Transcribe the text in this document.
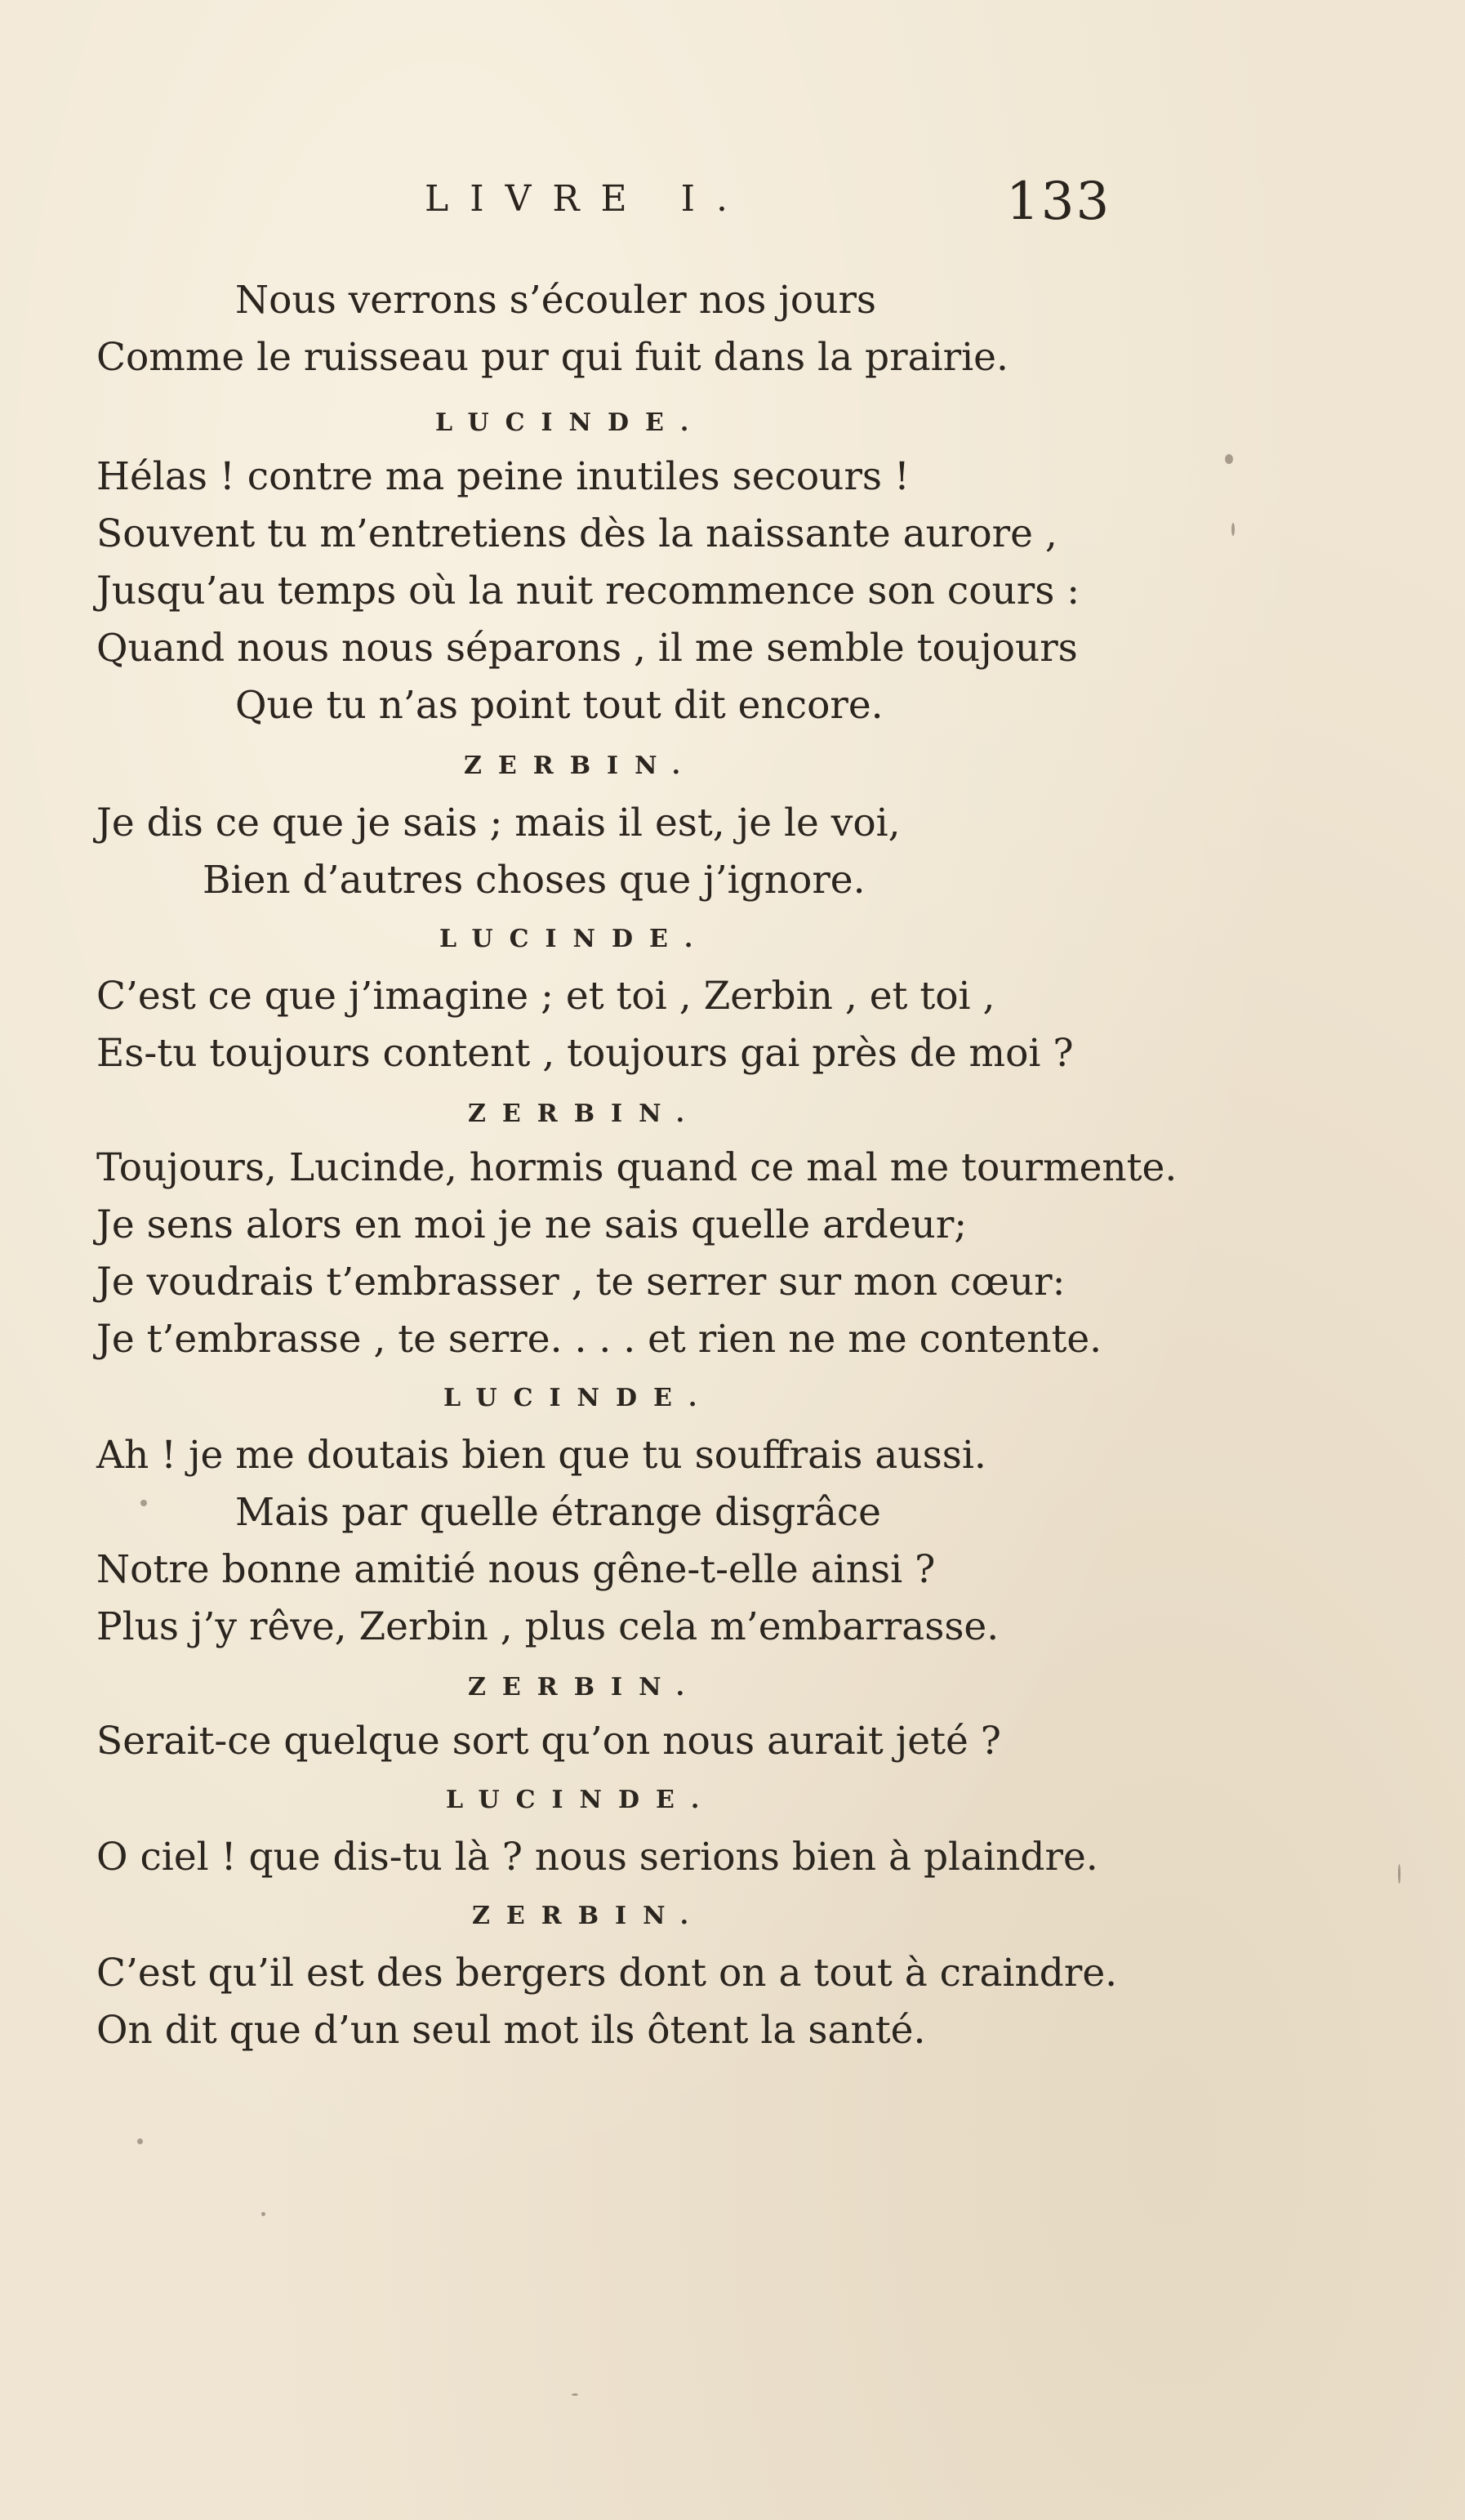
LIVRE I.	133
Nous verrons s’écouler nos jours
Comme le ruisseau pur qui fuit dans la prairie.
LUCINDE.
Hélas ! contre ma peine inutiles secours !
Souvent tu m’entretiens dès la naissante aurore ,
Jusqu’au temps où la nuit recommence son cours :
Quand nous nous séparons , il me semble toujours
Que tu n’as point tout dit encore.
ZERBIN.
Je dis ce que je sais ; mais il est, je le voi,
Bien d’autres choses que j’ignore.
LUCINDE.
C’est ce que j’imagine ; et toi , Zerbin , et toi ,
Es-tu toujours content , toujours gai près de moi ?
ZERBIN.
Toujours, Lucinde, hormis quand ce mal me tourmente.
Je sens alors en moi je ne sais quelle ardeur;
Je voudrais t’embrasser , te serrer sur mon cœur:
Je t’embrasse , te serre. . . . et rien ne me contente.
LUCINDE.
Ah ! je me doutais bien que tu souffrais aussi.
Mais par quelle étrange disgrâce
Notre bonne amitié nous gêne-t-elle ainsi ?
Plus j’y rêve, Zerbin , plus cela m’embarrasse.
ZERBIN.
Serait-ce quelque sort qu’on nous aurait jeté ?
LUCINDE.
O ciel ! que dis-tu là ? nous serions bien à plaindre.
ZERBIN.
C’est qu’il est des bergers dont on a tout à craindre.
On dit que d’un seul mot ils ôtent la santé.
